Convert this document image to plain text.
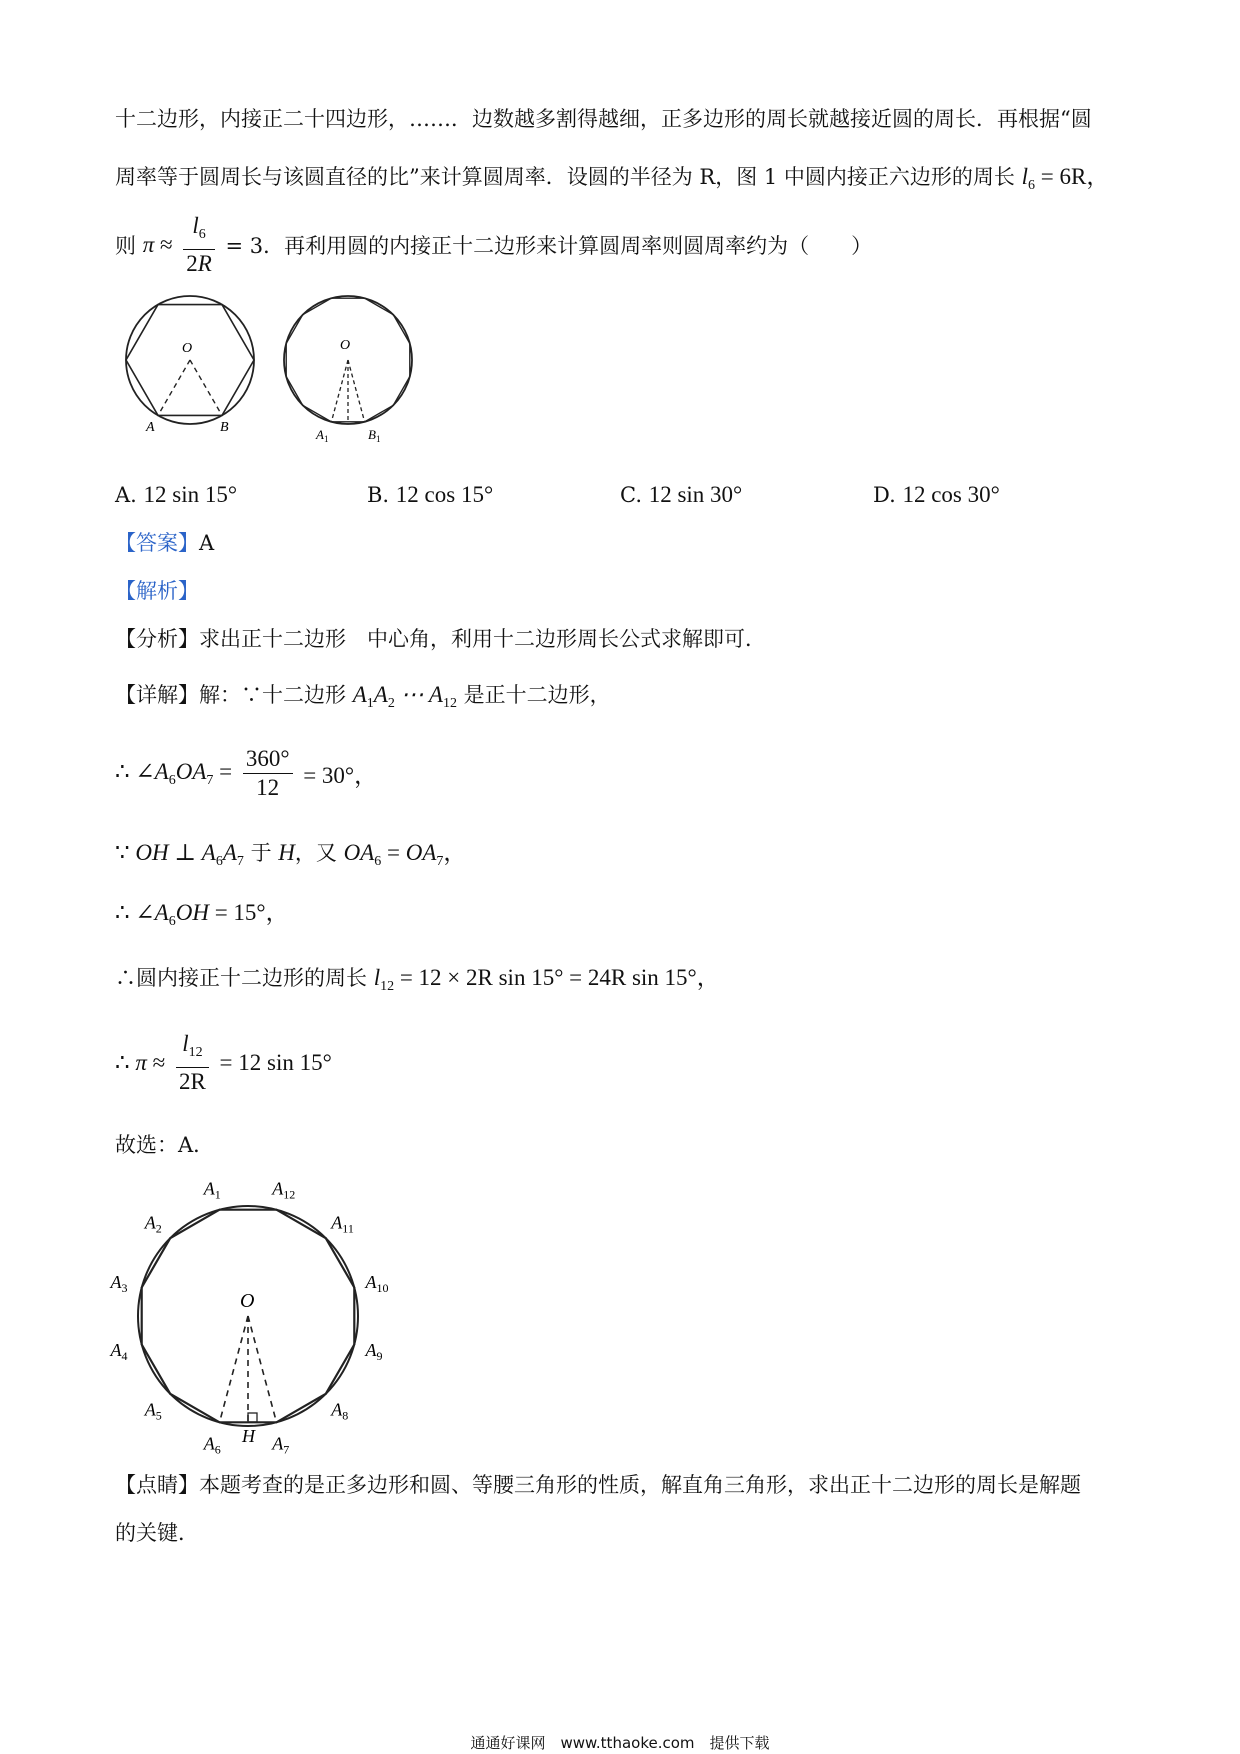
十二边形，内接正二十四边形，……．边数越多割得越细，正多边形的周长就越接近圆的周长．再根据“圆
周率等于圆周长与该圆直径的比”来计算圆周率．设圆的半径为 R，图 1 中圆内接正六边形的周长 $l_6 = 6R$，
则 $\pi \approx \frac{l_6}{2R} = 3$．再利用圆的内接正十二边形来计算圆周率则圆周率约为（　　）
O
A	B
O
$A_1$	$B_1$
A. 12 sin 15°	B. 12 cos 15°	C. 12 sin 30°	D. 12 cos 30°
【答案】A
【解析】
【分析】求出正十二边形　中心角，利用十二边形周长公式求解即可．
【详解】解：∵十二边形 $A_1A_2$ ⋯ $A_{12}$ 是正十二边形，
∴ $\angle A_6OA_7 = \frac{360^\circ}{12} = 30^\circ$，
∵ OH ⊥ $A_6A_7$ 于 H，又 $OA_6 = OA_7$，
∴ $\angle A_6OH = 15^\circ$，
∴圆内接正十二边形的周长 $l_{12} = 12 \times 2R$ sin 15° = 24R sin 15°，
∴ $\pi \approx \frac{l_{12}}{2R} = 12$ sin 15°
故选：A．
$A_1$
$A_2$
$A_3$
$A_4$
$A_5$
$A_6$	$A_7$
$A_8$
$A_9$
$A_{10}$
$A_{11}$
$A_{12}$
O
H
【点睛】本题考查的是正多边形和圆、等腰三角形的性质，解直角三角形，求出正十二边形的周长是解题
的关键．
通通好课网　www.tthaoke.com　提供下载
